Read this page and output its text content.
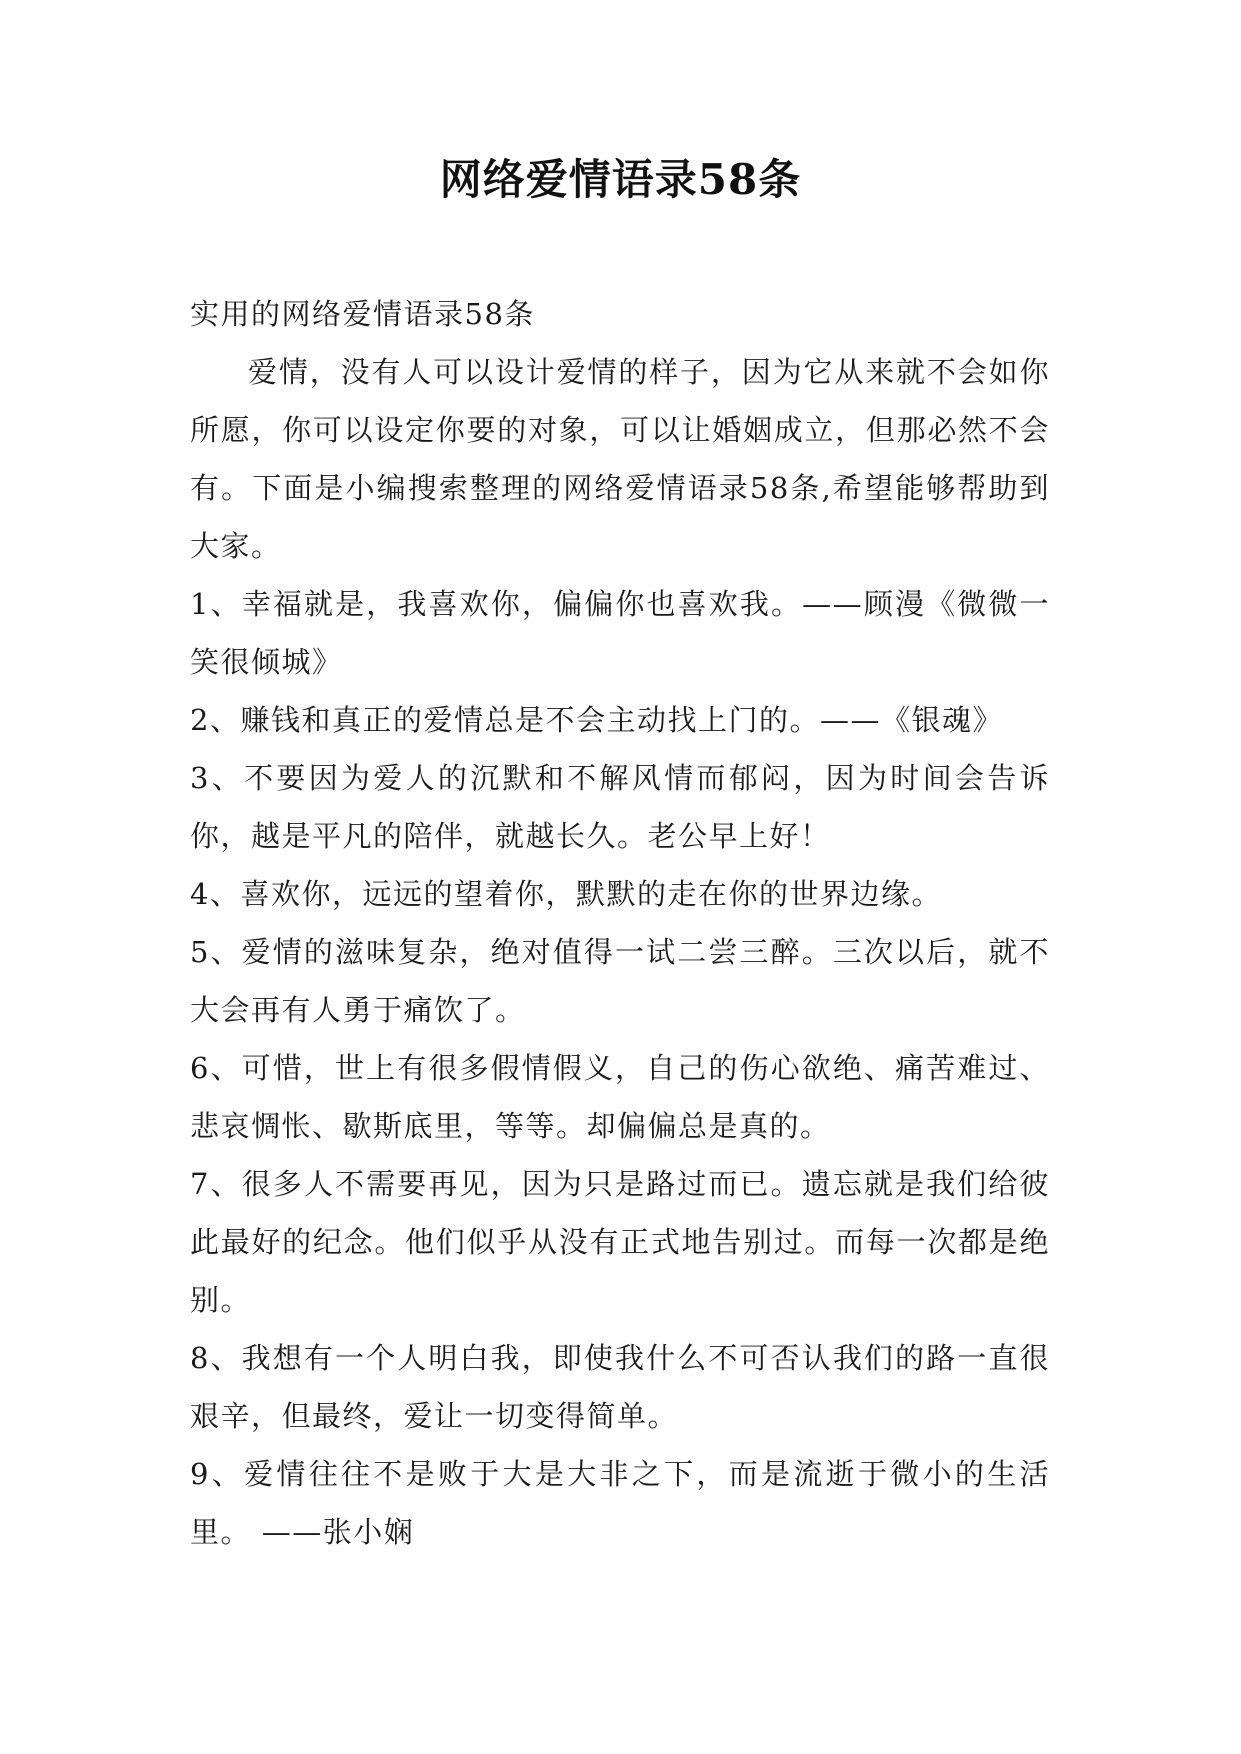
网络爱情语录58条

实用的网络爱情语录58条

爱情，没有人可以设计爱情的样子，因为它从来就不会如你所愿，你可以设定你要的对象，可以让婚姻成立，但那必然不会有。下面是小编搜索整理的网络爱情语录58条,希望能够帮助到大家。

1、幸福就是，我喜欢你，偏偏你也喜欢我。——顾漫《微微一笑很倾城》

2、赚钱和真正的爱情总是不会主动找上门的。——《银魂》

3、不要因为爱人的沉默和不解风情而郁闷，因为时间会告诉你，越是平凡的陪伴，就越长久。老公早上好！

4、喜欢你，远远的望着你，默默的走在你的世界边缘。

5、爱情的滋味复杂，绝对值得一试二尝三醉。三次以后，就不大会再有人勇于痛饮了。

6、可惜，世上有很多假情假义，自己的伤心欲绝、痛苦难过、悲哀惆怅、歇斯底里，等等。却偏偏总是真的。

7、很多人不需要再见，因为只是路过而已。遗忘就是我们给彼此最好的纪念。他们似乎从没有正式地告别过。而每一次都是绝别。

8、我想有一个人明白我，即使我什么不可否认我们的路一直很艰辛，但最终，爱让一切变得简单。

9、爱情往往不是败于大是大非之下，而是流逝于微小的生活里。 ——张小娴
